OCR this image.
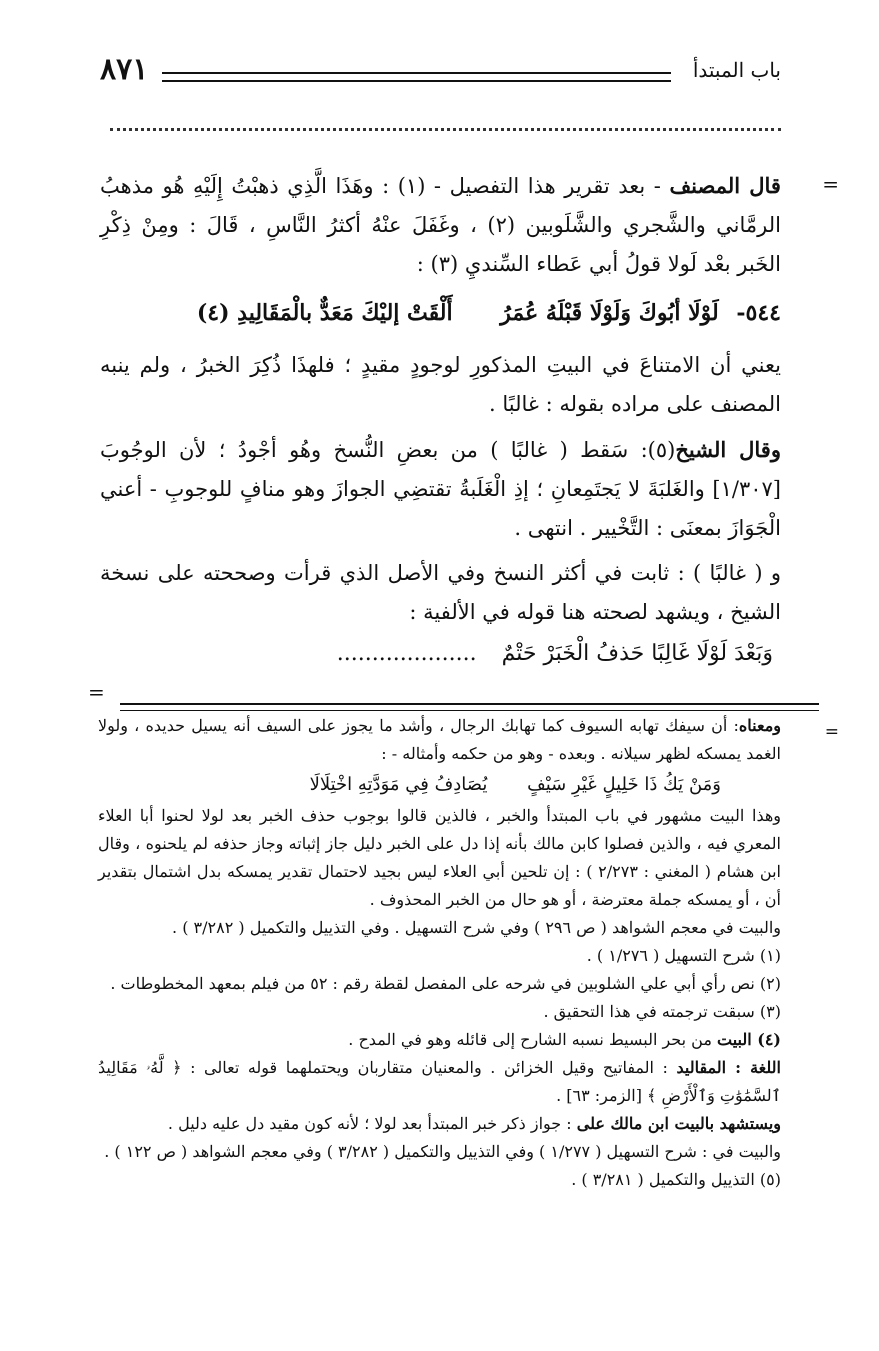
باب المبتدأ
٨٧١
=

قال المصنف - بعد تقرير هذا التفصيل - (١) : وهَذَا الَّذِي ذهبْتُ إِلَيْهِ هُو مذهبُ الرمَّاني والشَّجري والشَّلَوبين (٢) ، وغَفَلَ عنْهُ أكثرُ النَّاسِ ، قَالَ : ومِنْ ذِكْرِ الخَبر بعْد لَولا قولُ أبي عَطاء السِّنديِ (٣) :

٥٤٤- لَوْلَا أبُوكَ وَلَوْلَا قَبْلَهُ عُمَرُ أَلْقَتْ إليْكَ مَعَدٌّ بالْمَقَالِيدِ (٤)

يعني أن الامتناعَ في البيتِ المذكورِ لوجودٍ مقيدٍ ؛ فلهذَا ذُكِرَ الخبرُ ، ولم ينبه المصنف على مراده بقوله : غالبًا .

وقال الشيخ(٥): سَقط ( غالبًا ) من بعضِ النُّسخ وهُو أجْودُ ؛ لأن الوجُوبَ [١/٣٠٧] والغَلبَةَ لا يَجتَمِعانِ ؛ إذِ الْغَلَبةُ تقتضِي الجوازَ وهو منافٍ للوجوبِ - أعني الْجَوَازَ بمعنَى : التَّخْيير . انتهى .

و ( غالبًا ) : ثابت في أكثر النسخ وفي الأصل الذي قرأت وصححته على نسخة الشيخ ، ويشهد لصحته هنا قوله في الألفية :

وَبَعْدَ لَوْلَا غَالِبًا حَذفُ الْخَبَرْ حَتْمٌ ....................
=
=

ومعناه: أن سيفك تهابه السيوف كما تهابك الرجال ، وأشد ما يجوز على السيف أنه يسيل حديده ، ولولا الغمد يمسكه لظهر سيلانه . وبعده - وهو من حكمه وأمثاله - :

وَمَنْ يَكُ ذَا خَلِيلٍ غَيْرِ سَيْفٍ يُصَادِفُ فِي مَوَدَّتِهِ اخْتِلَالَا

وهذا البيت مشهور في باب المبتدأ والخبر ، فالذين قالوا بوجوب حذف الخبر بعد لولا لحنوا أبا العلاء المعري فيه ، والذين فصلوا كابن مالك بأنه إذا دل على الخبر دليل جاز إثباته وجاز حذفه لم يلحنوه ، وقال ابن هشام ( المغني : ٢/٢٧٣ ) : إن تلحين أبي العلاء ليس بجيد لاحتمال تقدير يمسكه بدل اشتمال بتقدير أن ، أو يمسكه جملة معترضة ، أو هو حال من الخبر المحذوف .

والبيت في معجم الشواهد ( ص ٢٩٦ ) وفي شرح التسهيل . وفي التذييل والتكميل ( ٣/٢٨٢ ) .

(١) شرح التسهيل ( ١/٢٧٦ ) .

(٢) نص رأي أبي علي الشلوبين في شرحه على المفصل لقطة رقم : ٥٢ من فيلم بمعهد المخطوطات .

(٣) سبقت ترجمته في هذا التحقيق .

(٤) البيت من بحر البسيط نسبه الشارح إلى قائله وهو في المدح .

اللغة : المقاليد : المفاتيح وقيل الخزائن . والمعنيان متقاربان ويحتملهما قوله تعالى : ﴿ لَّهُۥ مَقَالِيدُ ٱلسَّمَٰوَٰتِ وَٱلْأَرْضِ ﴾ [الزمر: ٦٣] .

ويستشهد بالبيت ابن مالك على : جواز ذكر خبر المبتدأ بعد لولا ؛ لأنه كون مقيد دل عليه دليل .

والبيت في : شرح التسهيل ( ١/٢٧٧ ) وفي التذييل والتكميل ( ٣/٢٨٢ ) وفي معجم الشواهد ( ص ١٢٢ ) .

(٥) التذييل والتكميل ( ٣/٢٨١ ) .
